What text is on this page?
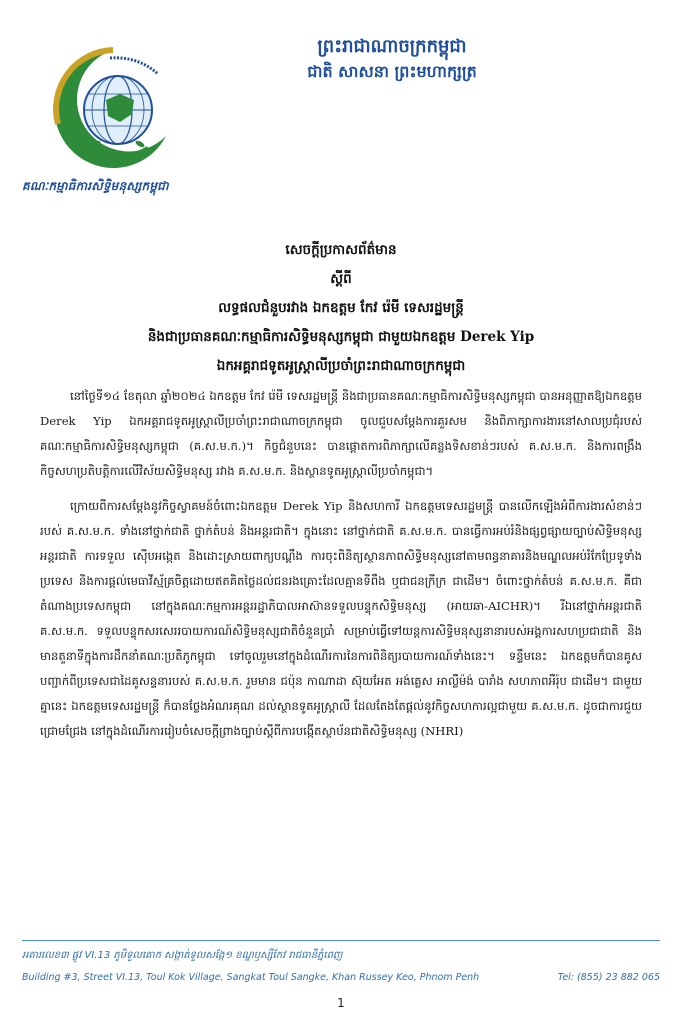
គណៈកម្មាធិការសិទ្ធិមនុស្សកម្ពុជា
ព្រះរាជាណាចក្រកម្ពុជា
ជាតិ សាសនា ព្រះមហាក្សត្រ
សេចក្តីប្រកាសព័ត៌មាន
ស្តីពី
លទ្ធផលជំនួបរវាង ឯកឧត្តម កែវ រ៉េមី ទេសរដ្ឋមន្ត្រី
និងជាប្រធានគណៈកម្មាធិការសិទ្ធិមនុស្សកម្ពុជា ជាមួយឯកឧត្តម Derek Yip
ឯកអគ្គរាជទូតអូស្ត្រាលីប្រចាំព្រះរាជាណាចក្រកម្ពុជា

នៅថ្ងៃទី១៤ ខែតុលា ឆ្នាំ២០២៤ ឯកឧត្តម កែវ រ៉េមី ទេសរដ្ឋមន្ត្រី និងជាប្រធានគណៈកម្មាធិការសិទ្ធិមនុស្សកម្ពុជា បានអនុញ្ញាតឱ្យឯកឧត្តម Derek Yip ឯកអគ្គរាជទូតអូស្ត្រាលីប្រចាំព្រះរាជាណាចក្រកម្ពុជា ចូលជួបសម្តែងការគួរសម និងពិភាក្សាការងារនៅសាលប្រជុំរបស់គណៈកម្មាធិការសិទ្ធិមនុស្សកម្ពុជា (គ.ស.ម.ក.)។ កិច្ចជំនួបនេះ បានផ្តោតការពិភាក្សាលើគន្លងទិសខាន់ៗរបស់ គ.ស.ម.ក. និងការពង្រឹងកិច្ចសហប្រតិបត្តិការលើវិស័យសិទ្ធិមនុស្ស រវាង គ.ស.ម.ក. និងស្ថានទូតអូស្ត្រាលីប្រចាំកម្ពុជា។

ក្រោយពីការសម្តែងនូវកិច្ចស្វាគមន៍ចំពោះឯកឧត្តម Derek Yip និងសហការី ឯកឧត្តមទេសរដ្ឋមន្ត្រី បានលើកឡើងអំពីការងារសំខាន់ៗរបស់ គ.ស.ម.ក. ទាំងនៅថ្នាក់ជាតិ ថ្នាក់តំបន់ និងអន្តរជាតិ។ ក្នុងនោះ នៅថ្នាក់ជាតិ គ.ស.ម.ក. បានធ្វើការអប់រំនិងផ្សព្វផ្សាយច្បាប់សិទ្ធិមនុស្សអន្តរជាតិ ការទទួល ស៊ើបអង្កេត និងដោះស្រាយពាក្យបណ្តឹង ការចុះពិនិត្យស្ថានភាពសិទ្ធិមនុស្សនៅតាមពន្ធនាគារនិងមណ្ឌលអប់រំកែប្រែទូទាំងប្រទេស និងការផ្តល់មេធាវីស្ម័គ្រចិត្តដោយឥតគិតថ្លៃដល់ជនរងគ្រោះដែលគ្មានទីពឹង ឬជាជនក្រីក្រ ជាដើម។ ចំពោះថ្នាក់តំបន់ គ.ស.ម.ក. គឺជាតំណាងប្រទេសកម្ពុជា នៅក្នុងគណៈកម្មការអន្តររដ្ឋាភិបាលអាស៊ានទទួលបន្ទុកសិទ្ធិមនុស្ស (អាយឆា-AICHR)។ រីឯនៅថ្នាក់អន្តរជាតិ គ.ស.ម.ក. ទទួលបន្ទុកសរសេររបាយការណ៍សិទ្ធិមនុស្សជាតិចំនួនប្រាំ សម្រាប់ធ្វើទៅយន្តការសិទ្ធិមនុស្សនានារបស់អង្គការសហប្រជាជាតិ និងមានតួនាទីក្នុងការដឹកនាំគណៈប្រតិភូកម្ពុជា ទៅចូលរួមនៅក្នុងដំណើរការនៃការពិនិត្យរបាយការណ៍ទាំងនេះ។ ទន្ទឹមនេះ ឯកឧត្តមក៏បានគូសបញ្ជាក់ពីប្រទេសជាដៃគូសន្ទនារបស់ គ.ស.ម.ក. រួមមាន ជប៉ុន កាណាដា ស៊ុយអែត អង់គ្លេស អាល្លឺម៉ង់ បារាំង សហភាពអឺរ៉ុប ជាដើម។ ជាមួយគ្នានេះ ឯកឧត្តមទេសរដ្ឋមន្ត្រី ក៏បានថ្លែងអំណរគុណ ដល់ស្ថានទូតអូស្ត្រាលី ដែលតែងតែផ្តល់នូវកិច្ចសហការល្អជាមួយ គ.ស.ម.ក. ដូចជាការជួយជ្រោមជ្រែង នៅក្នុងដំណើរការរៀបចំសេចក្តីព្រាងច្បាប់ស្តីពីការបង្កើតស្ថាប័នជាតិសិទ្ធិមនុស្ស (NHRI)

អគារលេខ៣ ផ្លូវ VI.13 ភូមិទួលគោក សង្កាត់ទួលសង្កែ១ ខណ្ឌឫស្សីកែវ រាជធានីភ្នំពេញ
Building #3, Street VI.13, Toul Kok Village, Sangkat Toul Sangke, Khan Russey Keo, Phnom Penh	Tel: (855) 23 882 065
1
